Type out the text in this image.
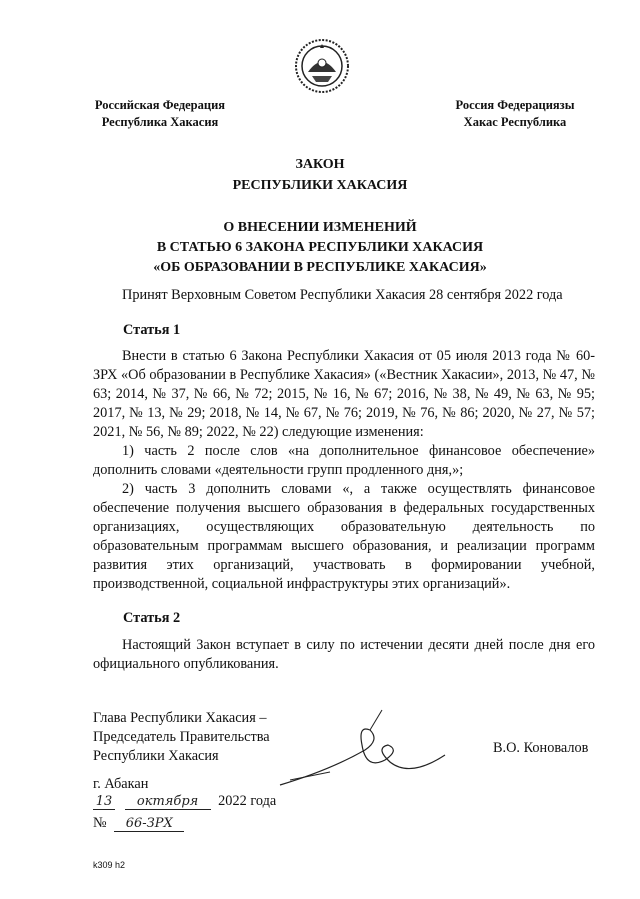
Российская Федерация
Республика Хакасия
Россия Федерациязы
Хакас Республика
ЗАКОН
РЕСПУБЛИКИ ХАКАСИЯ
О ВНЕСЕНИИ ИЗМЕНЕНИЙ
В СТАТЬЮ 6 ЗАКОНА РЕСПУБЛИКИ ХАКАСИЯ
«ОБ ОБРАЗОВАНИИ В РЕСПУБЛИКЕ ХАКАСИЯ»
Принят Верховным Советом Республики Хакасия 28 сентября 2022 года
Статья 1

Внести в статью 6 Закона Республики Хакасия от 05 июля 2013 года № 60-ЗРХ «Об образовании в Республике Хакасия» («Вестник Хакасии», 2013, № 47, № 63; 2014, № 37, № 66, № 72; 2015, № 16, № 67; 2016, № 38, № 49, № 63, № 95; 2017, № 13, № 29; 2018, № 14, № 67, № 76; 2019, № 76, № 86; 2020, № 27, № 57; 2021, № 56, № 89; 2022, № 22) следующие изменения:

1) часть 2 после слов «на дополнительное финансовое обеспечение» дополнить словами «деятельности групп продленного дня,»;

2) часть 3 дополнить словами «, а также осуществлять финансовое обеспечение получения высшего образования в федеральных государственных организациях, осуществляющих образовательную деятельность по образовательным программам высшего образования, и реализации программ развития этих организаций, участвовать в формировании учебной, производственной, социальной инфраструктуры этих организаций».

Статья 2

Настоящий Закон вступает в силу по истечении десяти дней после дня его официального опубликования.

Глава Республики Хакасия –
Председатель Правительства
Республики Хакасия	В.О. Коновалов
г. Абакан
13 октября 2022 года
№ 66-ЗРХ
k309 h2
